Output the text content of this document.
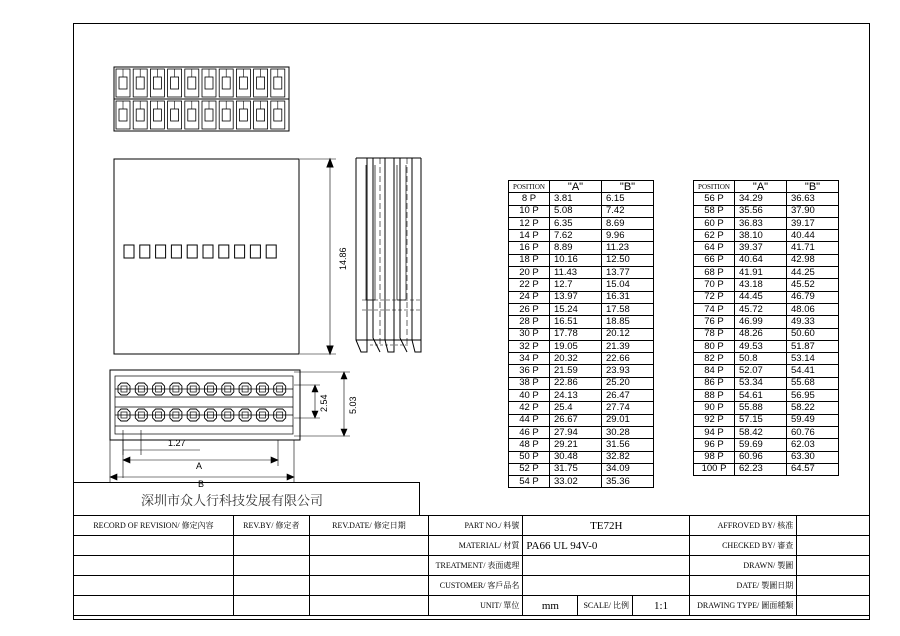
14.86
2.54 5.03
1.27
A
B
POSITION	"A"	"B"
8 P	3.81	6.15
10 P	5.08	7.42
12 P	6.35	8.69
14 P	7.62	9.96
16 P	8.89	11.23
18 P	10.16	12.50
20 P	11.43	13.77
22 P	12.7	15.04
24 P	13.97	16.31
26 P	15.24	17.58
28 P	16.51	18.85
30 P	17.78	20.12
32 P	19.05	21.39
34 P	20.32	22.66
36 P	21.59	23.93
38 P	22.86	25.20
40 P	24.13	26.47
42 P	25.4	27.74
44 P	26.67	29.01
46 P	27.94	30.28
48 P	29.21	31.56
50 P	30.48	32.82
52 P	31.75	34.09
54 P	33.02	35.36
POSITION	"A"	"B"
56 P	34.29	36.63
58 P	35.56	37.90
60 P	36.83	39.17
62 P	38.10	40.44
64 P	39.37	41.71
66 P	40.64	42.98
68 P	41.91	44.25
70 P	43.18	45.52
72 P	44.45	46.79
74 P	45.72	48.06
76 P	46.99	49.33
78 P	48.26	50.60
80 P	49.53	51.87
82 P	50.8	53.14
84 P	52.07	54.41
86 P	53.34	55.68
88 P	54.61	56.95
90 P	55.88	58.22
92 P	57.15	59.49
94 P	58.42	60.76
96 P	59.69	62.03
98 P	60.96	63.30
100 P	62.23	64.57
深圳市众人行科技发展有限公司
RECORD OF REVISION/ 修定內容	REV.BY/ 修定者	REV.DATE/ 修定日期	PART NO./ 料號	TE72H			AFFROVED BY/ 核准	
			MATERIAL/ 材質	PA66 UL 94V-0			CHECKED BY/ 審查	
			TREATMENT/ 表面處理				DRAWN/ 製圖	
			CUSTOMER/ 客戶品名				DATE/ 製圖日期	
			UNIT/ 單位	mm	SCALE/ 比例	1:1	DRAWING TYPE/ 圖面種類	
